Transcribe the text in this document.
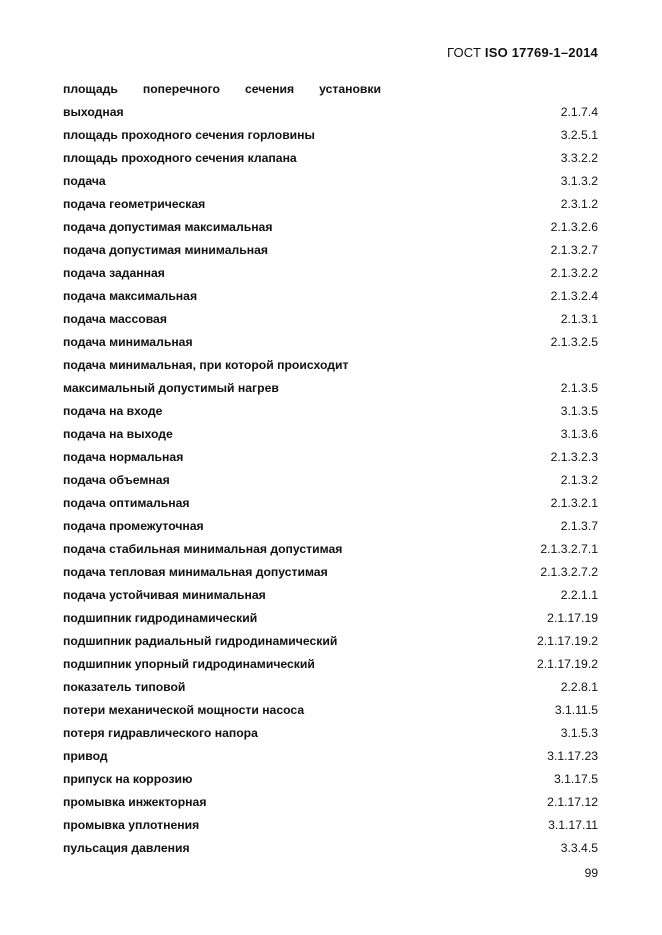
ГОСТ ISO 17769-1–2014
площадь поперечного сечения установки
выходная	2.1.7.4
площадь проходного сечения горловины	3.2.5.1
площадь проходного сечения клапана	3.3.2.2
подача	3.1.3.2
подача геометрическая	2.3.1.2
подача допустимая максимальная	2.1.3.2.6
подача допустимая минимальная	2.1.3.2.7
подача заданная	2.1.3.2.2
подача максимальная	2.1.3.2.4
подача массовая	2.1.3.1
подача минимальная	2.1.3.2.5
подача минимальная, при которой происходит
максимальный допустимый нагрев	2.1.3.5
подача на входе	3.1.3.5
подача на выходе	3.1.3.6
подача нормальная	2.1.3.2.3
подача объемная	2.1.3.2
подача оптимальная	2.1.3.2.1
подача промежуточная	2.1.3.7
подача стабильная минимальная допустимая	2.1.3.2.7.1
подача тепловая минимальная допустимая	2.1.3.2.7.2
подача устойчивая минимальная	2.2.1.1
подшипник гидродинамический	2.1.17.19
подшипник радиальный гидродинамический	2.1.17.19.2
подшипник упорный гидродинамический	2.1.17.19.2
показатель типовой	2.2.8.1
потери механической мощности насоса	3.1.11.5
потеря гидравлического напора	3.1.5.3
привод	3.1.17.23
припуск на коррозию	3.1.17.5
промывка инжекторная	2.1.17.12
промывка уплотнения	3.1.17.11
пульсация давления	3.3.4.5
99
